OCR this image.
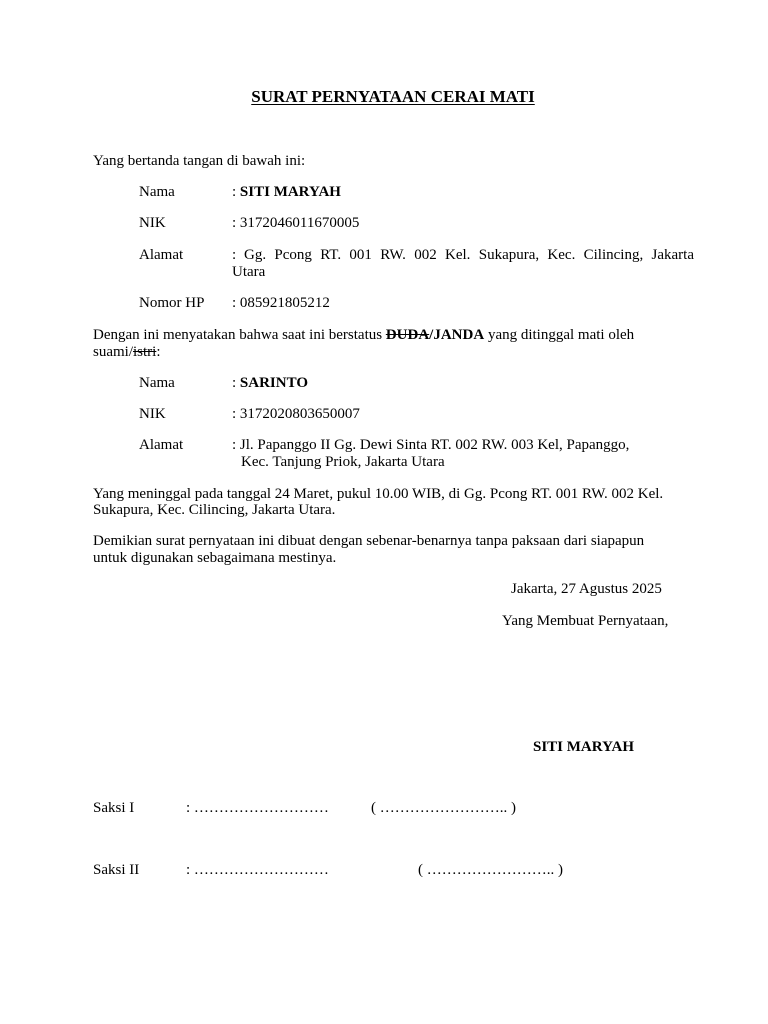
SURAT PERNYATAAN CERAI MATI
Yang bertanda tangan di bawah ini:
Nama	: SITI MARYAH
NIK	: 3172046011670005
Alamat	: Gg. Pcong RT. 001 RW. 002 Kel. Sukapura, Kec. Cilincing, Jakarta
Utara
Nomor HP : 085921805212
Dengan ini menyatakan bahwa saat ini berstatus DUDA/JANDA yang ditinggal mati oleh
suami/istri:
Nama	: SARINTO
NIK	: 3172020803650007
Alamat	: Jl. Papanggo II Gg. Dewi Sinta RT. 002 RW. 003 Kel, Papanggo,
Kec. Tanjung Priok, Jakarta Utara
Yang meninggal pada tanggal 24 Maret, pukul 10.00 WIB, di Gg. Pcong RT. 001 RW. 002 Kel.
Sukapura, Kec. Cilincing, Jakarta Utara.
Demikian surat pernyataan ini dibuat dengan sebenar-benarnya tanpa paksaan dari siapapun
untuk digunakan sebagaimana mestinya.
Jakarta, 27 Agustus 2025
Yang Membuat Pernyataan,
SITI MARYAH
Saksi I	: ………………………	( …………………….. )
Saksi II	: ………………………	( …………………….. )
